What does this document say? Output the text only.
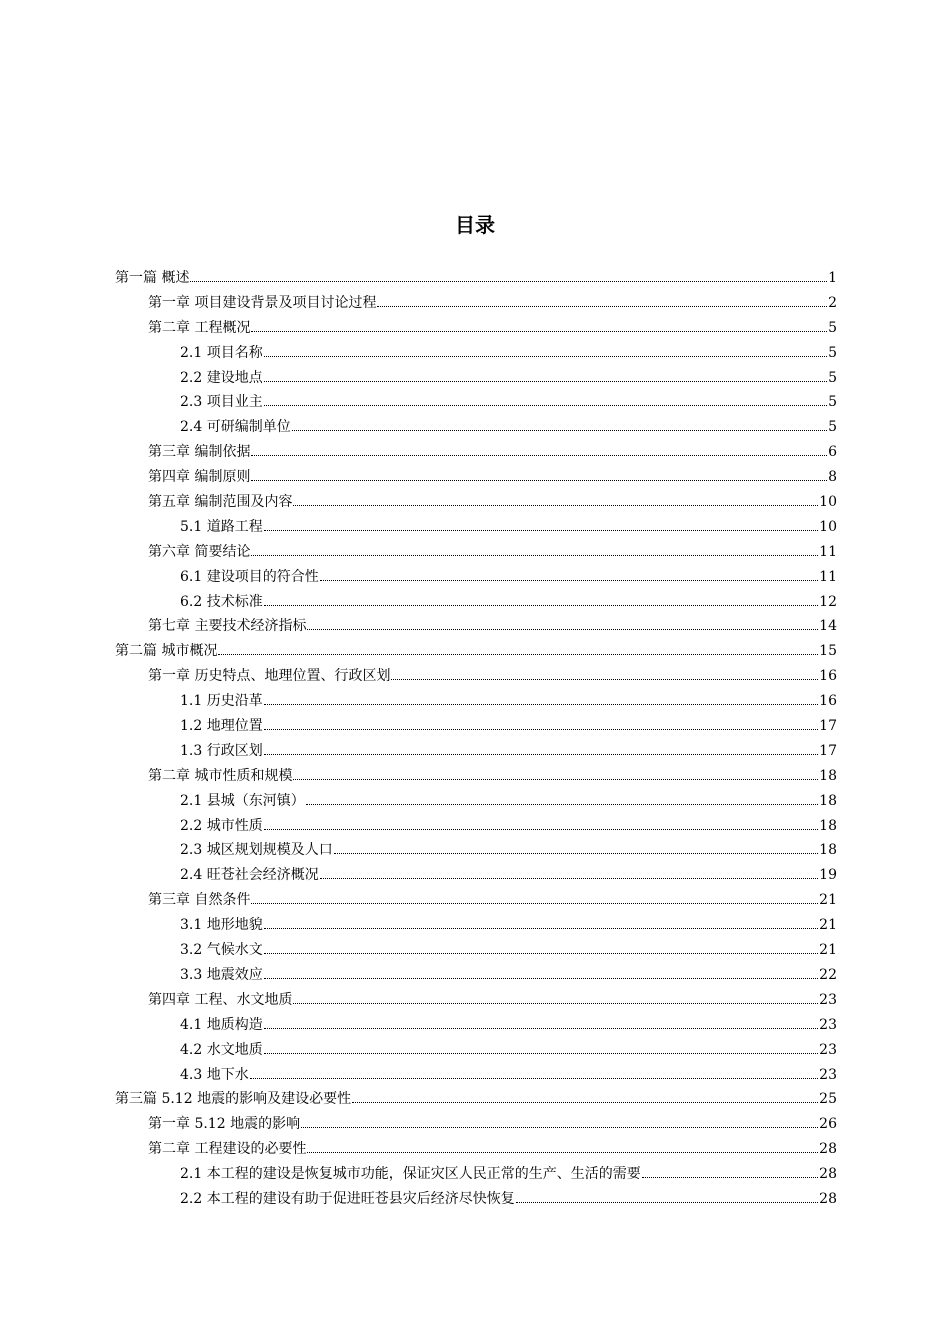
目录
第一篇 概述	1
第一章 项目建设背景及项目讨论过程	2
第二章 工程概况	5
2.1 项目名称	5
2.2 建设地点	5
2.3 项目业主	5
2.4 可研编制单位	5
第三章 编制依据	6
第四章 编制原则	8
第五章 编制范围及内容	10
5.1 道路工程	10
第六章 简要结论	11
6.1 建设项目的符合性	11
6.2 技术标准	12
第七章 主要技术经济指标	14
第二篇 城市概况	15
第一章 历史特点、地理位置、行政区划	16
1.1 历史沿革	16
1.2 地理位置	17
1.3 行政区划	17
第二章 城市性质和规模	18
2.1 县城（东河镇）	18
2.2 城市性质	18
2.3 城区规划规模及人口	18
2.4 旺苍社会经济概况	19
第三章 自然条件	21
3.1 地形地貌	21
3.2 气候水文	21
3.3 地震效应	22
第四章 工程、水文地质	23
4.1 地质构造	23
4.2 水文地质	23
4.3 地下水	23
第三篇 5.12 地震的影响及建设必要性	25
第一章 5.12 地震的影响	26
第二章 工程建设的必要性	28
2.1 本工程的建设是恢复城市功能，保证灾区人民正常的生产、生活的需要	28
2.2 本工程的建设有助于促进旺苍县灾后经济尽快恢复	28
